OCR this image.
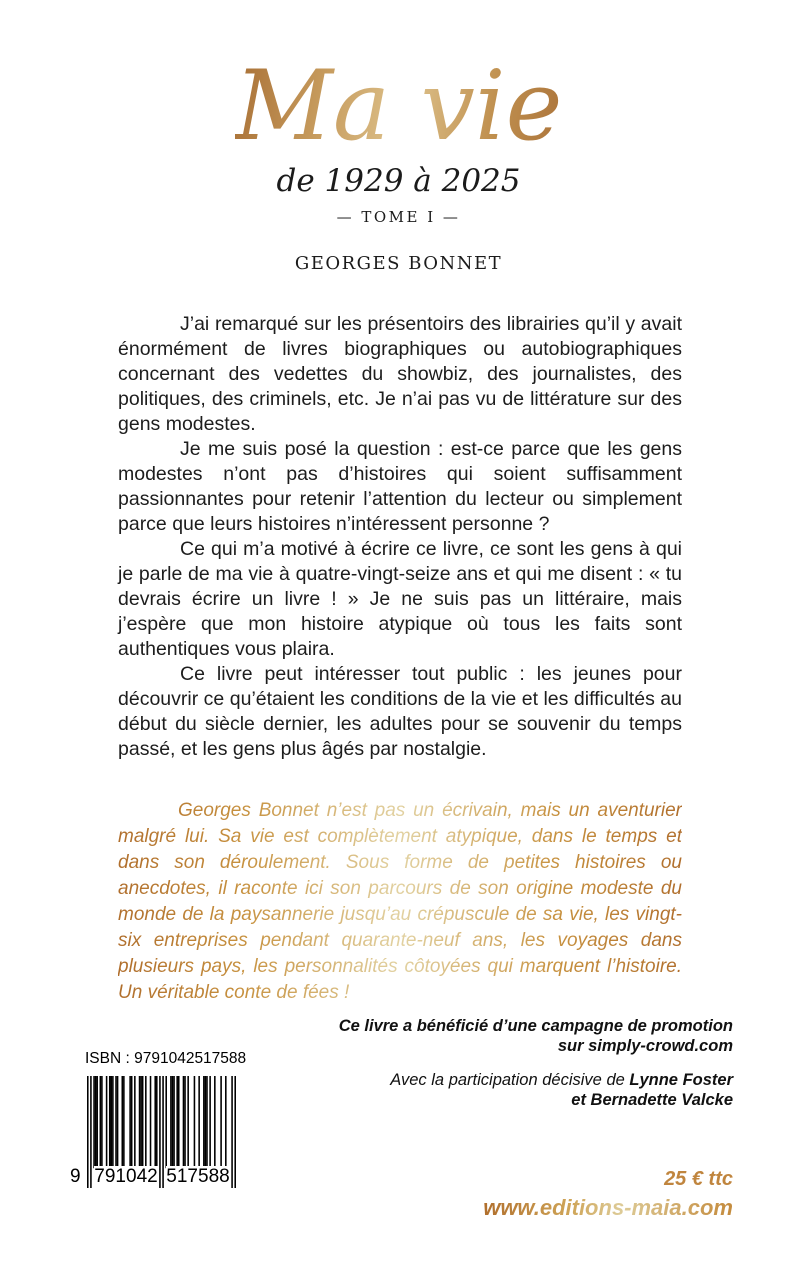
Ma vie
de 1929 à 2025
— TOME I —
GEORGES BONNET

J’ai remarqué sur les présentoirs des librairies qu’il y avait énormément de livres biographiques ou autobiographiques concernant des vedettes du showbiz, des journalistes, des politiques, des criminels, etc. Je n’ai pas vu de littérature sur des gens modestes.

Je me suis posé la question : est-ce parce que les gens modestes n’ont pas d’histoires qui soient suffisamment passionnantes pour retenir l’attention du lecteur ou simplement parce que leurs histoires n’intéressent personne ?

Ce qui m’a motivé à écrire ce livre, ce sont les gens à qui je parle de ma vie à quatre-vingt-seize ans et qui me disent : « tu devrais écrire un livre ! » Je ne suis pas un littéraire, mais j’espère que mon histoire atypique où tous les faits sont authentiques vous plaira.

Ce livre peut intéresser tout public : les jeunes pour découvrir ce qu’étaient les conditions de la vie et les difficultés au début du siècle dernier, les adultes pour se souvenir du temps passé, et les gens plus âgés par nostalgie.

Georges Bonnet n’est pas un écrivain, mais un aventurier malgré lui. Sa vie est complètement atypique, dans le temps et dans son déroulement. Sous forme de petites histoires ou anecdotes, il raconte ici son parcours de son origine modeste du monde de la paysannerie jusqu’au crépuscule de sa vie, les vingt-six entreprises pendant quarante-neuf ans, les voyages dans plusieurs pays, les personnalités côtoyées qui marquent l’histoire. Un véritable conte de fées !

Ce livre a bénéficié d’une campagne de promotion
sur simply-crowd.com
Avec la participation décisive de Lynne Foster
et Bernadette Valcke
ISBN : 9791042517588
9 791042 517588	25 € ttc
www.editions-maia.com
